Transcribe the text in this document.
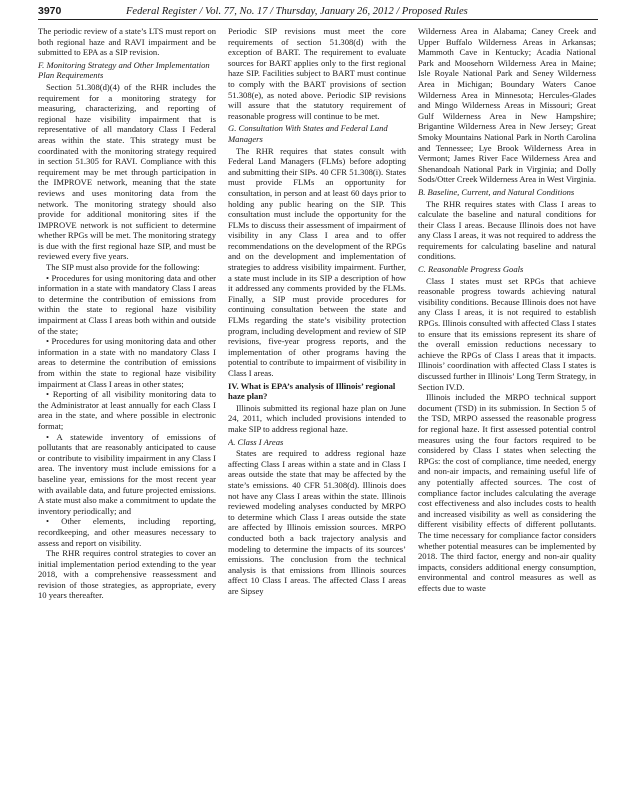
3970	Federal Register / Vol. 77, No. 17 / Thursday, January 26, 2012 / Proposed Rules

The periodic review of a state’s LTS must report on both regional haze and RAVI impairment and be submitted to EPA as a SIP revision.

F. Monitoring Strategy and Other Implementation Plan Requirements

Section 51.308(d)(4) of the RHR includes the requirement for a monitoring strategy for measuring, characterizing, and reporting of regional haze visibility impairment that is representative of all mandatory Class I Federal areas within the state. This strategy must be coordinated with the monitoring strategy required in section 51.305 for RAVI. Compliance with this requirement may be met through participation in the IMPROVE network, meaning that the state reviews and uses monitoring data from the network. The monitoring strategy should also provide for additional monitoring sites if the IMPROVE network is not sufficient to determine whether RPGs will be met. The monitoring strategy is due with the first regional haze SIP, and must be reviewed every five years.

The SIP must also provide for the following:

• Procedures for using monitoring data and other information in a state with mandatory Class I areas to determine the contribution of emissions from within the state to regional haze visibility impairment at Class I areas both within and outside of the state;

• Procedures for using monitoring data and other information in a state with no mandatory Class I areas to determine the contribution of emissions from within the state to regional haze visibility impairment at Class I areas in other states;

• Reporting of all visibility monitoring data to the Administrator at least annually for each Class I area in the state, and where possible in electronic format;

• A statewide inventory of emissions of pollutants that are reasonably anticipated to cause or contribute to visibility impairment in any Class I area. The inventory must include emissions for a baseline year, emissions for the most recent year with available data, and future projected emissions. A state must also make a commitment to update the inventory periodically; and

• Other elements, including reporting, recordkeeping, and other measures necessary to assess and report on visibility.

The RHR requires control strategies to cover an initial implementation period extending to the year 2018, with a comprehensive reassessment and revision of those strategies, as appropriate, every 10 years thereafter.

Periodic SIP revisions must meet the core requirements of section 51.308(d) with the exception of BART. The requirement to evaluate sources for BART applies only to the first regional haze SIP. Facilities subject to BART must continue to comply with the BART provisions of section 51.308(e), as noted above. Periodic SIP revisions will assure that the statutory requirement of reasonable progress will continue to be met.

G. Consultation With States and Federal Land Managers

The RHR requires that states consult with Federal Land Managers (FLMs) before adopting and submitting their SIPs. 40 CFR 51.308(i). States must provide FLMs an opportunity for consultation, in person and at least 60 days prior to holding any public hearing on the SIP. This consultation must include the opportunity for the FLMs to discuss their assessment of impairment of visibility in any Class I area and to offer recommendations on the development of the RPGs and on the development and implementation of strategies to address visibility impairment. Further, a state must include in its SIP a description of how it addressed any comments provided by the FLMs. Finally, a SIP must provide procedures for continuing consultation between the state and FLMs regarding the state’s visibility protection program, including development and review of SIP revisions, five-year progress reports, and the implementation of other programs having the potential to contribute to impairment of visibility in Class I areas.

IV. What is EPA’s analysis of Illinois’ regional haze plan?

Illinois submitted its regional haze plan on June 24, 2011, which included provisions intended to make SIP to address regional haze.

A. Class I Areas

States are required to address regional haze affecting Class I areas within a state and in Class I areas outside the state that may be affected by the state’s emissions. 40 CFR 51.308(d). Illinois does not have any Class I areas within the state. Illinois reviewed modeling analyses conducted by MRPO to determine which Class I areas outside the state are affected by Illinois emission sources. MRPO conducted both a back trajectory analysis and modeling to determine the impacts of its sources’ emissions. The conclusion from the technical analysis is that emissions from Illinois sources affect 10 Class I areas. The affected Class I areas are Sipsey

Wilderness Area in Alabama; Caney Creek and Upper Buffalo Wilderness Areas in Arkansas; Mammoth Cave in Kentucky; Acadia National Park and Moosehorn Wilderness Area in Maine; Isle Royale National Park and Seney Wilderness Area in Michigan; Boundary Waters Canoe Wilderness Area in Minnesota; Hercules-Glades and Mingo Wilderness Areas in Missouri; Great Gulf Wilderness Area in New Hampshire; Brigantine Wilderness Area in New Jersey; Great Smoky Mountains National Park in North Carolina and Tennessee; Lye Brook Wilderness Area in Vermont; James River Face Wilderness Area and Shenandoah National Park in Virginia; and Dolly Sods/Otter Creek Wilderness Area in West Virginia.

B. Baseline, Current, and Natural Conditions

The RHR requires states with Class I areas to calculate the baseline and natural conditions for their Class I areas. Because Illinois does not have any Class I areas, it was not required to address the requirements for calculating baseline and natural conditions.

C. Reasonable Progress Goals

Class I states must set RPGs that achieve reasonable progress towards achieving natural visibility conditions. Because Illinois does not have any Class I areas, it is not required to establish RPGs. Illinois consulted with affected Class I states to ensure that its emissions represent its share of the overall emission reductions necessary to achieve the RPGs of Class I areas that it impacts. Illinois’ coordination with affected Class I states is discussed further in Illinois’ Long Term Strategy, in Section IV.D.

Illinois included the MRPO technical support document (TSD) in its submission. In Section 5 of the TSD, MRPO assessed the reasonable progress for regional haze. It first assessed potential control measures using the four factors required to be considered by Class I states when selecting the RPGs: the cost of compliance, time needed, energy and non-air impacts, and remaining useful life of any potentially affected sources. The cost of compliance factor includes calculating the average cost effectiveness and also includes costs to health and increased visibility as well as considering the different visibility effects of different pollutants. The time necessary for compliance factor considers whether potential measures can be implemented by 2018. The third factor, energy and non-air quality impacts, considers additional energy consumption, environmental and control measures as well as effects due to waste
